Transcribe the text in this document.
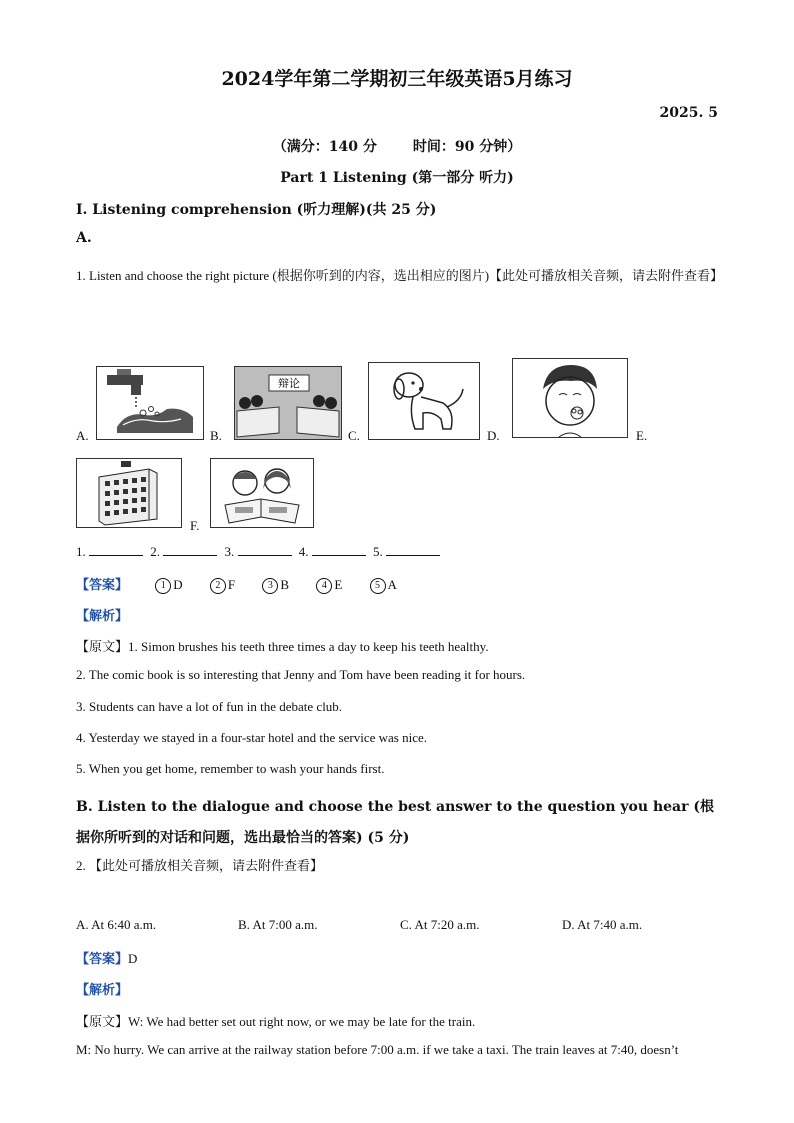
2024学年第二学期初三年级英语5月练习
2025. 5
（满分：140 分	时间：90 分钟）
Part 1 Listening (第一部分 听力)
I. Listening comprehension (听力理解)(共 25 分)
A.
1. Listen and choose the right picture (根据你听到的内容，选出相应的图片)【此处可播放相关音频，请去附件查看】
A.	B.
辩论
C.	D.	E.
F.
1.	2.	3.	4.	5.
【答案】	1 D	2 F	3 B	4 E	5 A
【解析】
【原文】1. Simon brushes his teeth three times a day to keep his teeth healthy.
2. The comic book is so interesting that Jenny and Tom have been reading it for hours.
3. Students can have a lot of fun in the debate club.
4. Yesterday we stayed in a four-star hotel and the service was nice.
5. When you get home, remember to wash your hands first.
B. Listen to the dialogue and choose the best answer to the question you hear (根据你所听到的对话和问题，选出最恰当的答案) (5 分)
2. 【此处可播放相关音频，请去附件查看】
A. At 6:40 a.m.	B. At 7:00 a.m.	C. At 7:20 a.m.	D. At 7:40 a.m.
【答案】D
【解析】
【原文】W: We had better set out right now, or we may be late for the train.
M: No hurry. We can arrive at the railway station before 7:00 a.m. if we take a taxi. The train leaves at 7:40, doesn’t
